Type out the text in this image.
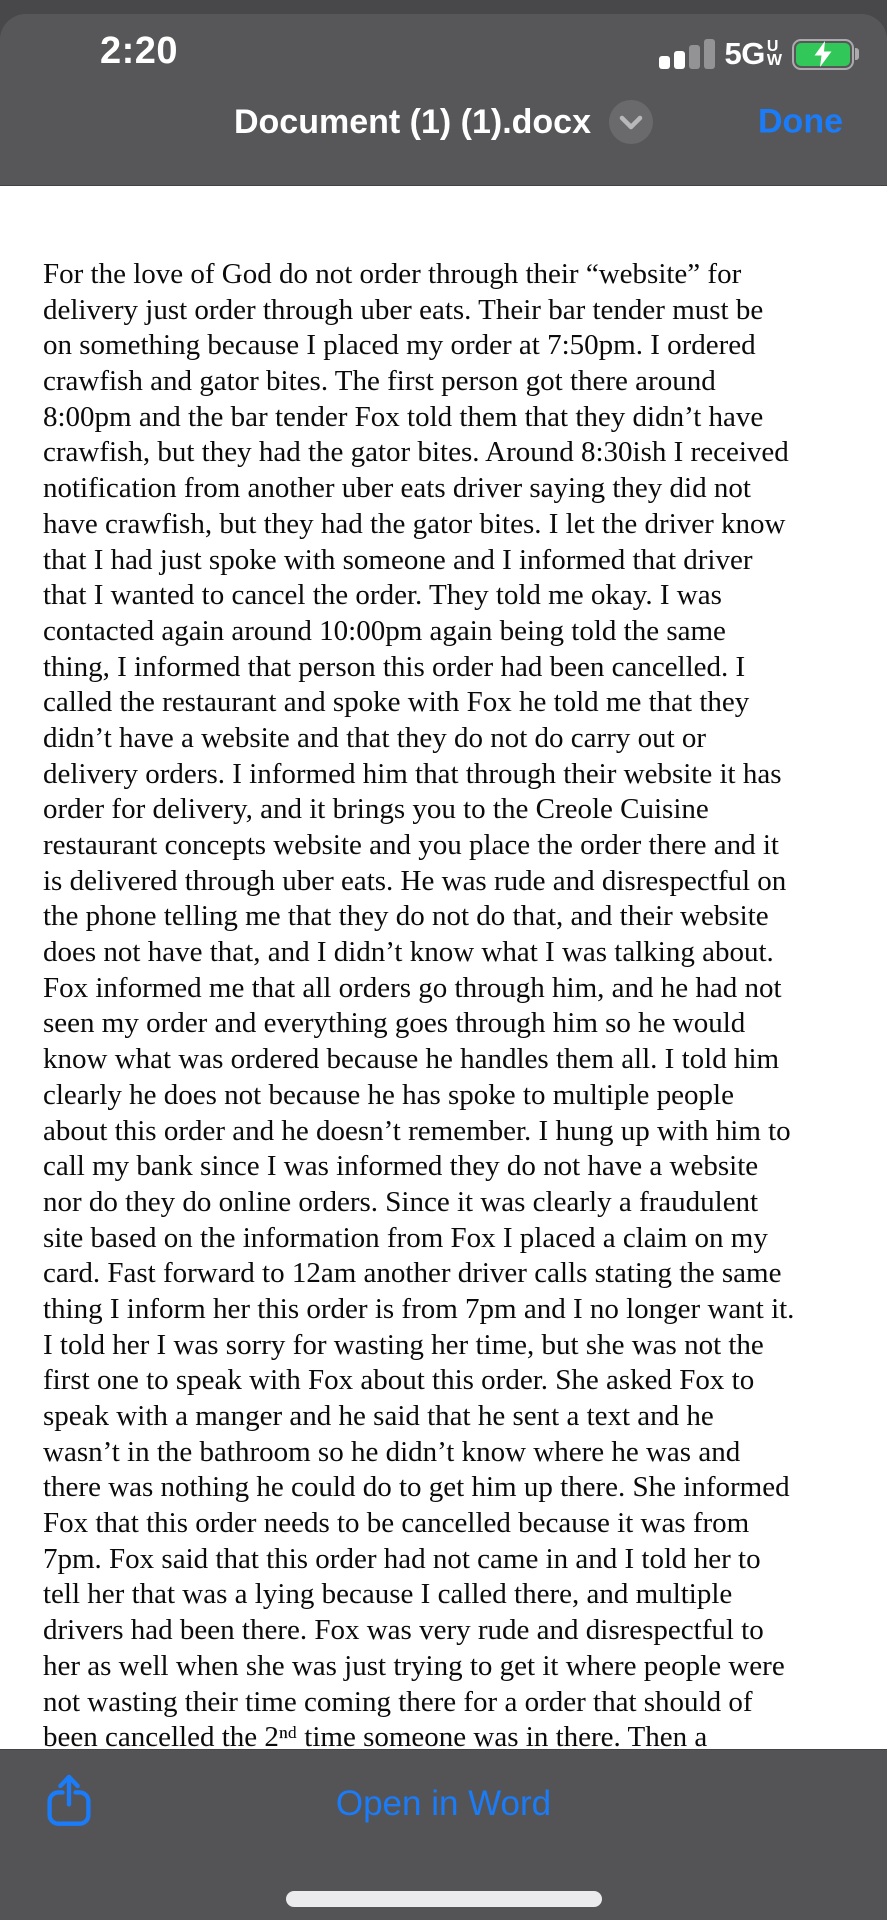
2:20	5G U
W
Document (1) (1).docx	Done
For the love of God do not order through their “website” for
delivery just order through uber eats. Their bar tender must be
on something because I placed my order at 7:50pm. I ordered
crawfish and gator bites. The first person got there around
8:00pm and the bar tender Fox told them that they didn’t have
crawfish, but they had the gator bites. Around 8:30ish I received
notification from another uber eats driver saying they did not
have crawfish, but they had the gator bites. I let the driver know
that I had just spoke with someone and I informed that driver
that I wanted to cancel the order. They told me okay. I was
contacted again around 10:00pm again being told the same
thing, I informed that person this order had been cancelled. I
called the restaurant and spoke with Fox he told me that they
didn’t have a website and that they do not do carry out or
delivery orders. I informed him that through their website it has
order for delivery, and it brings you to the Creole Cuisine
restaurant concepts website and you place the order there and it
is delivered through uber eats. He was rude and disrespectful on
the phone telling me that they do not do that, and their website
does not have that, and I didn’t know what I was talking about.
Fox informed me that all orders go through him, and he had not
seen my order and everything goes through him so he would
know what was ordered because he handles them all. I told him
clearly he does not because he has spoke to multiple people
about this order and he doesn’t remember. I hung up with him to
call my bank since I was informed they do not have a website
nor do they do online orders. Since it was clearly a fraudulent
site based on the information from Fox I placed a claim on my
card. Fast forward to 12am another driver calls stating the same
thing I inform her this order is from 7pm and I no longer want it.
I told her I was sorry for wasting her time, but she was not the
first one to speak with Fox about this order. She asked Fox to
speak with a manger and he said that he sent a text and he
wasn’t in the bathroom so he didn’t know where he was and
there was nothing he could do to get him up there. She informed
Fox that this order needs to be cancelled because it was from
7pm. Fox said that this order had not came in and I told her to
tell her that was a lying because I called there, and multiple
drivers had been there. Fox was very rude and disrespectful to
her as well when she was just trying to get it where people were
not wasting their time coming there for a order that should of
been cancelled the 2ⁿᵈ time someone was in there. Then a
Open in Word
